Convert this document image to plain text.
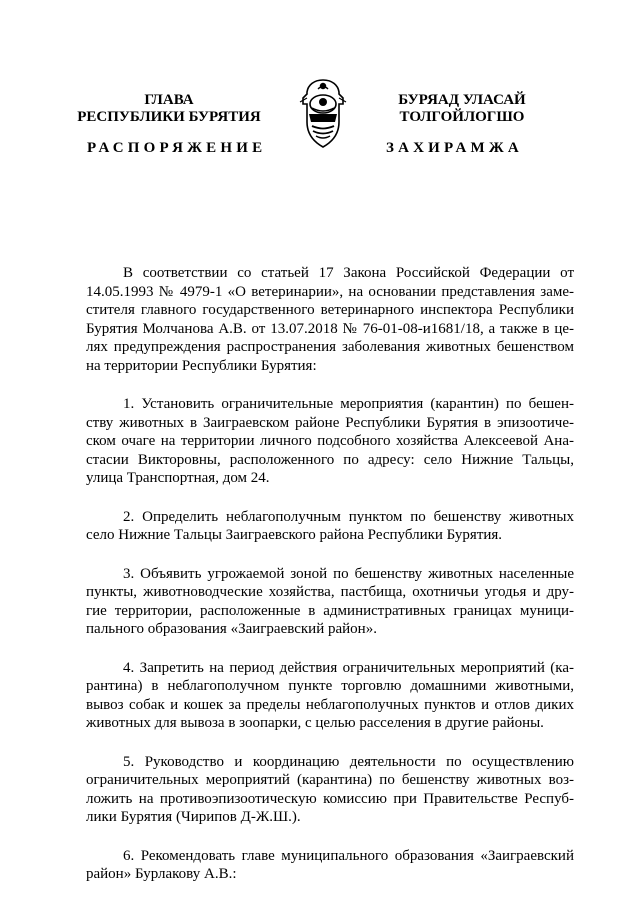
ГЛАВА
РЕСПУБЛИКИ БУРЯТИЯ
БУРЯАД УЛАСАЙ
ТОЛГОЙЛОГШО
РАСПОРЯЖЕНИЕ	ЗАХИРАМЖА
В соответствии со статьей 17 Закона Российской Федерации от
14.05.1993 № 4979-1 «О ветеринарии», на основании представления заме-
стителя главного государственного ветеринарного инспектора Республики
Бурятия Молчанова А.В. от 13.07.2018 № 76-01-08-и1681/18, а также в це-
лях предупреждения распространения заболевания животных бешенством
на территории Республики Бурятия:
1. Установить ограничительные мероприятия (карантин) по бешен-
ству животных в Заиграевском районе Республики Бурятия в эпизоотиче-
ском очаге на территории личного подсобного хозяйства Алексеевой Ана-
стасии Викторовны, расположенного по адресу: село Нижние Тальцы,
улица Транспортная, дом 24.
2. Определить неблагополучным пунктом по бешенству животных
село Нижние Тальцы Заиграевского района Республики Бурятия.
3. Объявить угрожаемой зоной по бешенству животных населенные
пункты, животноводческие хозяйства, пастбища, охотничьи угодья и дру-
гие территории, расположенные в административных границах муници-
пального образования «Заиграевский район».
4. Запретить на период действия ограничительных мероприятий (ка-
рантина) в неблагополучном пункте торговлю домашними животными,
вывоз собак и кошек за пределы неблагополучных пунктов и отлов диких
животных для вывоза в зоопарки, с целью расселения в другие районы.
5. Руководство и координацию деятельности по осуществлению
ограничительных мероприятий (карантина) по бешенству животных воз-
ложить на противоэпизоотическую комиссию при Правительстве Респуб-
лики Бурятия (Чирипов Д-Ж.Ш.).
6. Рекомендовать главе муниципального образования «Заиграевский
район» Бурлакову А.В.:
